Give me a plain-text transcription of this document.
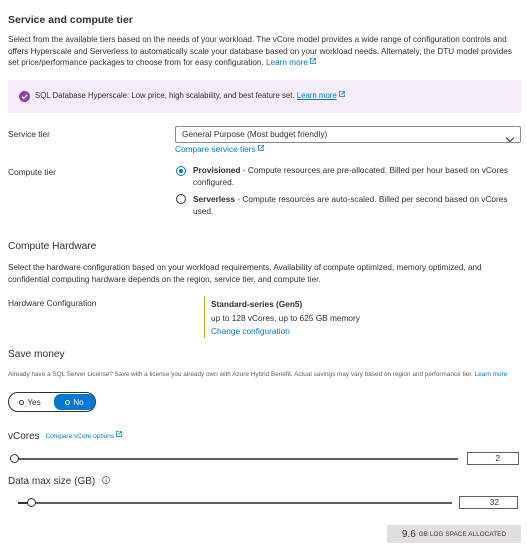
Service and compute tier
Select from the available tiers based on the needs of your workload. The vCore model provides a wide range of configuration controls and offers Hyperscale and Serverless to automatically scale your database based on your workload needs. Alternately, the DTU model provides set price/performance packages to choose from for easy configuration. Learn more
SQL Database Hyperscale: Low price, high scalability, and best feature set. Learn more
Service tier	General Purpose (Most budget friendly)
Compare service tiers
Compute tier	Provisioned - Compute resources are pre-allocated. Billed per hour based on vCores configured.
Serverless - Compute resources are auto-scaled. Billed per second based on vCores used.
Compute Hardware
Select the hardware configuration based on your workload requirements. Availability of compute optimized, memory optimized, and confidential computing hardware depends on the region, service tier, and compute tier.
Hardware Configuration	Standard-series (Gen5)
up to 128 vCores, up to 625 GB memory
Change configuration
Save money
Already have a SQL Server License? Save with a license you already own with Azure Hybrid Benefit. Actual savings may vary based on region and performance tier. Learn more
Yes	No
vCores Compare vCore options
2
Data max size (GB)
32
9.6 GB LOG SPACE ALLOCATED
